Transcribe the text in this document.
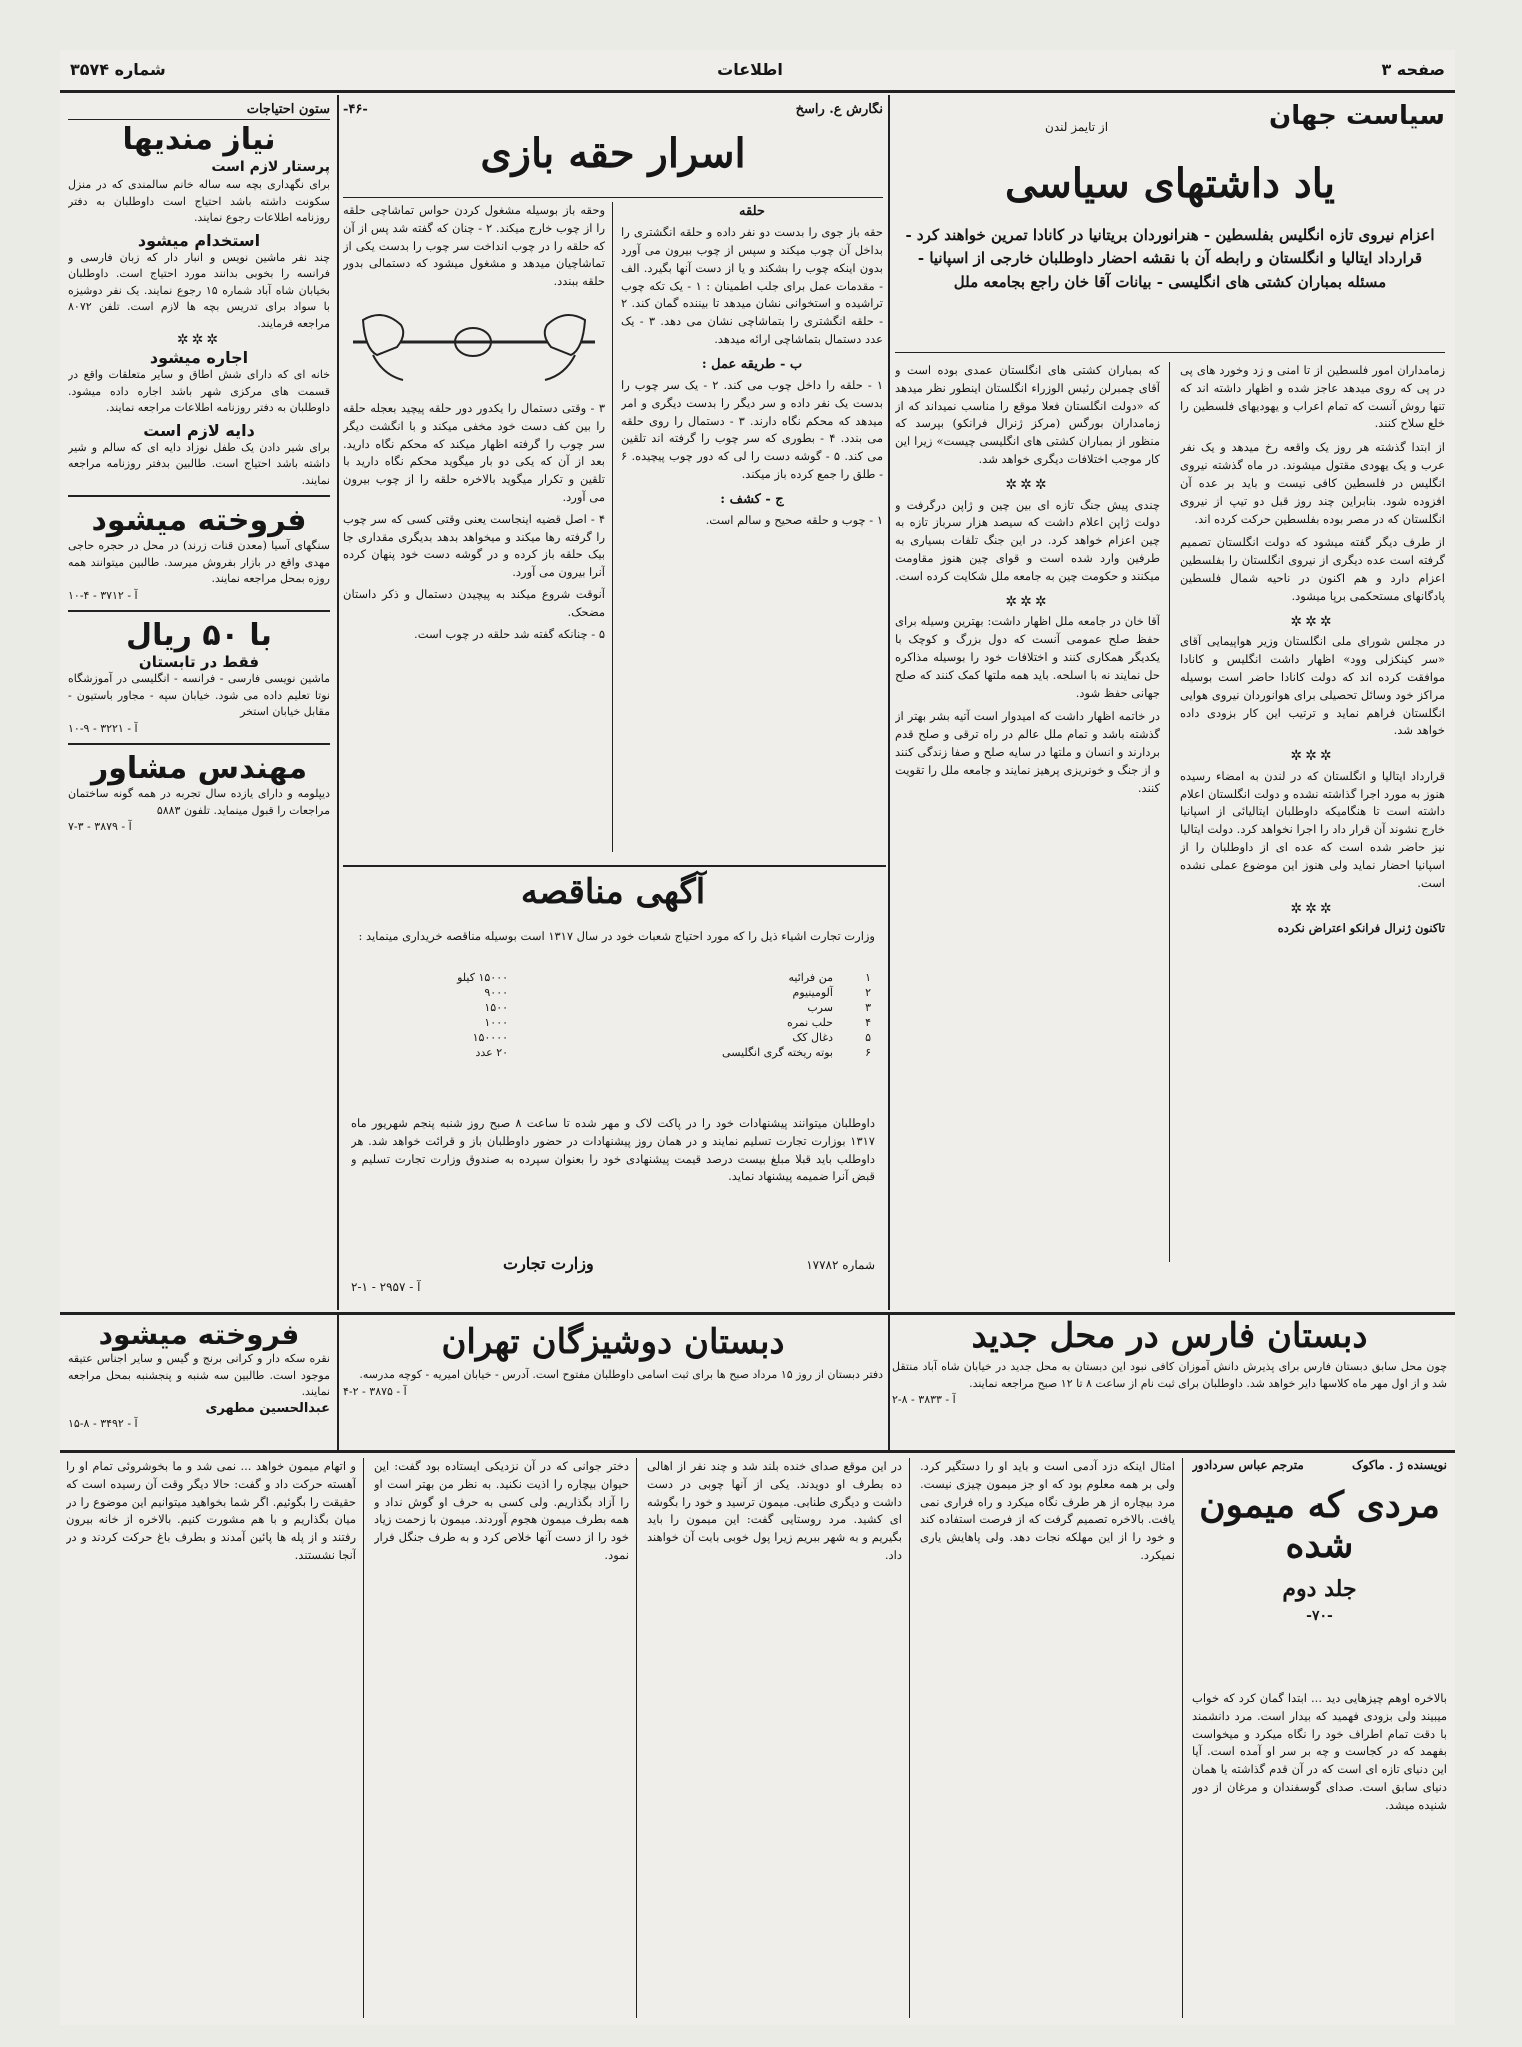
صفحه ۳
اطلاعات
شماره ۳۵۷۴
سیاست جهان
از تایمز لندن
یاد داشتهای سیاسی
اعزام نیروی تازه انگلیس بفلسطین - هنرانوردان بریتانیا در کانادا تمرین خواهند کرد - قرارداد ایتالیا و انگلستان و رابطه آن با نقشه احضار داوطلبان خارجی از اسپانیا - مسئله بمباران کشتی های انگلیسی - بیانات آقا خان راجع بجامعه ملل

زمامداران امور فلسطین از تا امنی و زد وخورد های پی در پی که روی میدهد عاجز شده و اظهار داشته اند که تنها روش آنست که تمام اعراب و یهودیهای فلسطین را خلع سلاح کنند.

از ابتدا گذشته هر روز یک واقعه رخ میدهد و یک نفر عرب و یک یهودی مقتول میشوند. در ماه گذشته نیروی انگلیس در فلسطین کافی نیست و باید بر عده آن افزوده شود. بنابراین چند روز قبل دو تیپ از نیروی انگلستان که در مصر بوده بفلسطین حرکت کرده اند.

از طرف دیگر گفته میشود که دولت انگلستان تصمیم گرفته است عده دیگری از نیروی انگلستان را بفلسطین اعزام دارد و هم اکنون در ناحیه شمال فلسطین پادگانهای مستحکمی برپا میشود.

✲✲✲

در مجلس شورای ملی انگلستان وزیر هواپیمایی آقای «سر کینکزلی وود» اظهار داشت انگلیس و کانادا موافقت کرده اند که دولت کانادا حاضر است بوسیله مراکز خود وسائل تحصیلی برای هوانوردان نیروی هوایی انگلستان فراهم نماید و ترتیب این کار بزودی داده خواهد شد.

✲✲✲

قرارداد ایتالیا و انگلستان که در لندن به امضاء رسیده هنوز به مورد اجرا گذاشته نشده و دولت انگلستان اعلام داشته است تا هنگامیکه داوطلبان ایتالیائی از اسپانیا خارج نشوند آن قرار داد را اجرا نخواهد کرد. دولت ایتالیا نیز حاضر شده است که عده ای از داوطلبان را از اسپانیا احضار نماید ولی هنوز این موضوع عملی نشده است.

✲✲✲

تاکنون ژنرال فرانکو اعتراض نکرده

که بمباران کشتی های انگلستان عمدی بوده است و آقای چمبرلن رئیس الوزراء انگلستان اینطور نظر میدهد که «دولت انگلستان فعلا موقع را مناسب نمیداند که از زمامداران بورگس (مرکز ژنرال فرانکو) بپرسد که منظور از بمباران کشتی های انگلیسی چیست» زیرا این کار موجب اختلافات دیگری خواهد شد.

✲✲✲

چندی پیش جنگ تازه ای بین چین و ژاپن درگرفت و دولت ژاپن اعلام داشت که سیصد هزار سرباز تازه به چین اعزام خواهد کرد. در این جنگ تلفات بسیاری به طرفین وارد شده است و قوای چین هنوز مقاومت میکنند و حکومت چین به جامعه ملل شکایت کرده است.

✲✲✲

آقا خان در جامعه ملل اظهار داشت: بهترین وسیله برای حفظ صلح عمومی آنست که دول بزرگ و کوچک با یکدیگر همکاری کنند و اختلافات خود را بوسیله مذاکره حل نمایند نه با اسلحه. باید همه ملتها کمک کنند که صلح جهانی حفظ شود.

در خاتمه اظهار داشت که امیدوار است آتیه بشر بهتر از گذشته باشد و تمام ملل عالم در راه ترقی و صلح قدم بردارند و انسان و ملتها در سایه صلح و صفا زندگی کنند و از جنگ و خونریزی پرهیز نمایند و جامعه ملل را تقویت کنند.

نگارش ع. راسخ
-۴۶-
اسرار حقه بازی
حلقه

حقه باز جوی را بدست دو نفر داده و حلقه انگشتری را بداخل آن چوب میکند و سپس از چوب بیرون می آورد بدون اینکه چوب را بشکند و یا از دست آنها بگیرد. الف - مقدمات عمل برای جلب اطمینان : ۱ - یک تکه چوب تراشیده و استخوانی نشان میدهد تا بیننده گمان کند. ۲ - حلقه انگشتری را بتماشاچی نشان می دهد. ۳ - یک عدد دستمال بتماشاچی ارائه میدهد.

ب - طریقه عمل :

۱ - حلقه را داخل چوب می کند. ۲ - یک سر چوب را بدست یک نفر داده و سر دیگر را بدست دیگری و امر میدهد که محکم نگاه دارند. ۳ - دستمال را روی حلقه می بندد. ۴ - بطوری که سر چوب را گرفته اند تلقین می کند. ۵ - گوشه دست را لی که دور چوب پیچیده. ۶ - طلق را جمع کرده باز میکند.

ج - کشف :

۱ - چوب و حلقه صحیح و سالم است.

وحقه باز بوسیله مشغول کردن حواس تماشاچی حلقه را از چوب خارج میکند. ۲ - چنان که گفته شد پس از آن که حلقه را در چوب انداخت سر چوب را بدست یکی از تماشاچیان میدهد و مشغول میشود که دستمالی بدور حلقه ببندد.

۳ - وقتی دستمال را یکدور دور حلقه پیچید بعجله حلقه را بین کف دست خود مخفی میکند و با انگشت دیگر سر چوب را گرفته اظهار میکند که محکم نگاه دارید. بعد از آن که یکی دو بار میگوید محکم نگاه دارید با تلقین و تکرار میگوید بالاخره حلقه را از چوب بیرون می آورد.

۴ - اصل قضیه اینجاست یعنی وقتی کسی که سر چوب را گرفته رها میکند و میخواهد بدهد بدیگری مقداری جا بیک حلقه باز کرده و در گوشه دست خود پنهان کرده آنرا بیرون می آورد.

آنوقت شروع میکند به پیچیدن دستمال و ذکر داستان مضحک.

۵ - چنانکه گفته شد حلقه در چوب است.

آگهی مناقصه
وزارت تجارت اشیاء ذیل را که مورد احتیاج شعبات خود در سال ۱۳۱۷ است بوسیله مناقصه خریداری مینماید :
۱	من فرائیه	۱۵۰۰۰ کیلو
۲	آلومینیوم	۹۰۰۰
۳	سرب	۱۵۰۰
۴	حلب نمره	۱۰۰۰
۵	دغال کک	۱۵۰۰۰۰
۶	بوته ریخته گری انگلیسی	۲۰ عدد
داوطلبان میتوانند پیشنهادات خود را در پاکت لاک و مهر شده تا ساعت ۸ صبح روز شنبه پنجم شهریور ماه ۱۳۱۷ بوزارت تجارت تسلیم نمایند و در همان روز پیشنهادات در حضور داوطلبان باز و قرائت خواهد شد. هر داوطلب باید قبلا مبلغ بیست درصد قیمت پیشنهادی خود را بعنوان سپرده به صندوق وزارت تجارت تسلیم و قبض آنرا ضمیمه پیشنهاد نماید.
شماره ۱۷۷۸۲
وزارت تجارت
آ - ۲۹۵۷ - ۱-۲
ستون احتیاجات
نیاز مندیها
پرستار لازم است
برای نگهداری بچه سه ساله خانم سالمندی که در منزل سکونت داشته باشد احتیاج است داوطلبان به دفتر روزنامه اطلاعات رجوع نمایند.
استخدام میشود
چند نفر ماشین نویس و انبار دار که زبان فارسی و فرانسه را بخوبی بدانند مورد احتیاج است. داوطلبان بخیابان شاه آباد شماره ۱۵ رجوع نمایند. یک نفر دوشیزه با سواد برای تدریس بچه ها لازم است. تلفن ۸۰۷۲ مراجعه فرمایند.
✲✲✲
اجاره میشود
خانه ای که دارای شش اطاق و سایر متعلقات واقع در قسمت های مرکزی شهر باشد اجاره داده میشود. داوطلبان به دفتر روزنامه اطلاعات مراجعه نمایند.
دایه لازم است
برای شیر دادن یک طفل نوزاد دایه ای که سالم و شیر داشته باشد احتیاج است. طالبین بدفتر روزنامه مراجعه نمایند.
فروخته میشود
سنگهای آسیا (معدن قنات زرند) در محل در حجره حاجی مهدی واقع در بازار بفروش میرسد. طالبین میتوانند همه روزه بمحل مراجعه نمایند.
آ - ۳۷۱۲ - ۴-۱۰
با ۵۰ ریال
فقط در تابستان
ماشین نویسی فارسی - فرانسه - انگلیسی در آموزشگاه نوتا تعلیم داده می شود. خیابان سپه - مجاور باستیون - مقابل خیابان استخر
آ - ۳۲۲۱ - ۹-۱۰
مهندس مشاور
دیپلومه و دارای یازده سال تجربه در همه گونه ساختمان مراجعات را قبول مینماید. تلفون ۵۸۸۳
آ - ۳۸۷۹ - ۳-۷
دبستان فارس در محل جدید
چون محل سابق دبستان فارس برای پذیرش دانش آموزان کافی نبود این دبستان به محل جدید در خیابان شاه آباد منتقل شد و از اول مهر ماه کلاسها دایر خواهد شد. داوطلبان برای ثبت نام از ساعت ۸ تا ۱۲ صبح مراجعه نمایند.
آ - ۳۸۳۳ - ۸-۲
دبستان دوشیزگان تهران
دفتر دبستان از روز ۱۵ مرداد صبح ها برای ثبت اسامی داوطلبان مفتوح است. آدرس - خیابان امیریه - کوچه مدرسه.
آ - ۳۸۷۵ - ۲-۴
فروخته میشود
نقره سکه دار و کرانی برنج و گیس و سایر اجناس عتیقه موجود است. طالبین سه شنبه و پنجشنبه بمحل مراجعه نمایند.
عبدالحسین مطهری
آ - ۳۴۹۲ - ۸-۱۵
نویسنده ژ . ماکوک
مترجم عباس سردادور
مردی که میمون شده
جلد دوم
-۷۰-
بالاخره اوهم چیزهایی دید ... ابتدا گمان کرد که خواب میبیند ولی بزودی فهمید که بیدار است. مرد دانشمند با دقت تمام اطراف خود را نگاه میکرد و میخواست بفهمد که در کجاست و چه بر سر او آمده است. آیا این دنیای تازه ای است که در آن قدم گذاشته یا همان دنیای سابق است. صدای گوسفندان و مرغان از دور شنیده میشد.
امثال اینکه دزد آدمی است و باید او را دستگیر کرد. ولی بر همه معلوم بود که او جز میمون چیزی نیست. مرد بیچاره از هر طرف نگاه میکرد و راه فراری نمی یافت. بالاخره تصمیم گرفت که از فرصت استفاده کند و خود را از این مهلکه نجات دهد. ولی پاهایش یاری نمیکرد.
در این موقع صدای خنده بلند شد و چند نفر از اهالی ده بطرف او دویدند. یکی از آنها چوبی در دست داشت و دیگری طنابی. میمون ترسید و خود را بگوشه ای کشید. مرد روستایی گفت: این میمون را باید بگیریم و به شهر ببریم زیرا پول خوبی بابت آن خواهند داد.
دختر جوانی که در آن نزدیکی ایستاده بود گفت: این حیوان بیچاره را اذیت نکنید. به نظر من بهتر است او را آزاد بگذاریم. ولی کسی به حرف او گوش نداد و همه بطرف میمون هجوم آوردند. میمون با زحمت زیاد خود را از دست آنها خلاص کرد و به طرف جنگل فرار نمود.
و اتهام میمون خواهد ... نمی شد و ما بخوشروئی تمام او را آهسته حرکت داد و گفت: حالا دیگر وقت آن رسیده است که حقیقت را بگوئیم. اگر شما بخواهید میتوانیم این موضوع را در میان بگذاریم و با هم مشورت کنیم. بالاخره از خانه بیرون رفتند و از پله ها پائین آمدند و بطرف باغ حرکت کردند و در آنجا نشستند.
